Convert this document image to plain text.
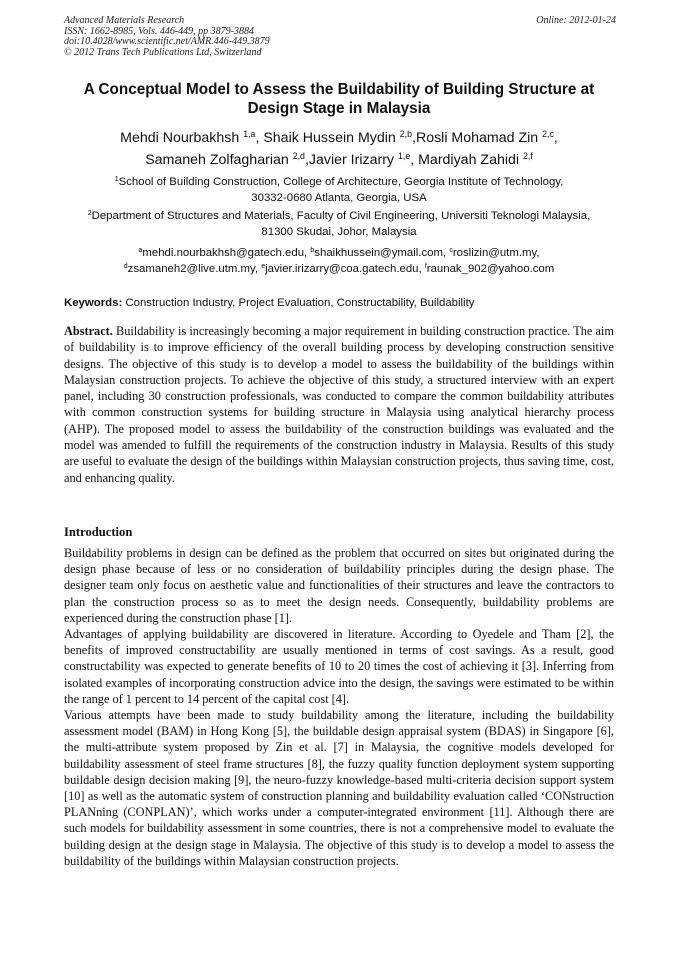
Advanced Materials Research
ISSN: 1662-8985, Vols. 446-449, pp 3879-3884
doi:10.4028/www.scientific.net/AMR.446-449.3879
© 2012 Trans Tech Publications Ltd, Switzerland
Online: 2012-01-24
A Conceptual Model to Assess the Buildability of Building Structure at
Design Stage in Malaysia
Mehdi Nourbakhsh $^{1,a}$, Shaik Hussein Mydin $^{2,b}$,Rosli Mohamad Zin $^{2,c}$,
Samaneh Zolfagharian $^{2,d}$,Javier Irizarry $^{1,e}$, Mardiyah Zahidi $^{2,f}$
$^1$School of Building Construction, College of Architecture, Georgia Institute of Technology,
30332-0680 Atlanta, Georgia, USA
$^2$Department of Structures and Materials, Faculty of Civil Engineering, Universiti Teknologi Malaysia,
81300 Skudai, Johor, Malaysia
$^a$mehdi.nourbakhsh@gatech.edu, $^b$shaikhussein@ymail.com, $^c$roslizin@utm.my,
$^d$zsamaneh2@live.utm.my, $^e$javier.irizarry@coa.gatech.edu, $^f$raunak_902@yahoo.com
Keywords: Construction Industry, Project Evaluation, Constructability, Buildability
Abstract. Buildability is increasingly becoming a major requirement in building construction practice. The aim of buildability is to improve efficiency of the overall building process by developing construction sensitive designs. The objective of this study is to develop a model to assess the buildability of the buildings within Malaysian construction projects. To achieve the objective of this study, a structured interview with an expert panel, including 30 construction professionals, was conducted to compare the common buildability attributes with common construction systems for building structure in Malaysia using analytical hierarchy process (AHP). The proposed model to assess the buildability of the construction buildings was evaluated and the model was amended to fulfill the requirements of the construction industry in Malaysia. Results of this study are useful to evaluate the design of the buildings within Malaysian construction projects, thus saving time, cost, and enhancing quality.
Introduction

Buildability problems in design can be defined as the problem that occurred on sites but originated during the design phase because of less or no consideration of buildability principles during the design phase. The designer team only focus on aesthetic value and functionalities of their structures and leave the contractors to plan the construction process so as to meet the design needs. Consequently, buildability problems are experienced during the construction phase [1].

Advantages of applying buildability are discovered in literature. According to Oyedele and Tham [2], the benefits of improved constructability are usually mentioned in terms of cost savings. As a result, good constructability was expected to generate benefits of 10 to 20 times the cost of achieving it [3]. Inferring from isolated examples of incorporating construction advice into the design, the savings were estimated to be within the range of 1 percent to 14 percent of the capital cost [4].

Various attempts have been made to study buildability among the literature, including the buildability assessment model (BAM) in Hong Kong [5], the buildable design appraisal system (BDAS) in Singapore [6], the multi-attribute system proposed by Zin et al. [7] in Malaysia, the cognitive models developed for buildability assessment of steel frame structures [8], the fuzzy quality function deployment system supporting buildable design decision making [9], the neuro-fuzzy knowledge-based multi-criteria decision support system [10] as well as the automatic system of construction planning and buildability evaluation called ‘CONstruction PLANning (CONPLAN)’, which works under a computer-integrated environment [11]. Although there are such models for buildability assessment in some countries, there is not a comprehensive model to evaluate the building design at the design stage in Malaysia. The objective of this study is to develop a model to assess the buildability of the buildings within Malaysian construction projects.
